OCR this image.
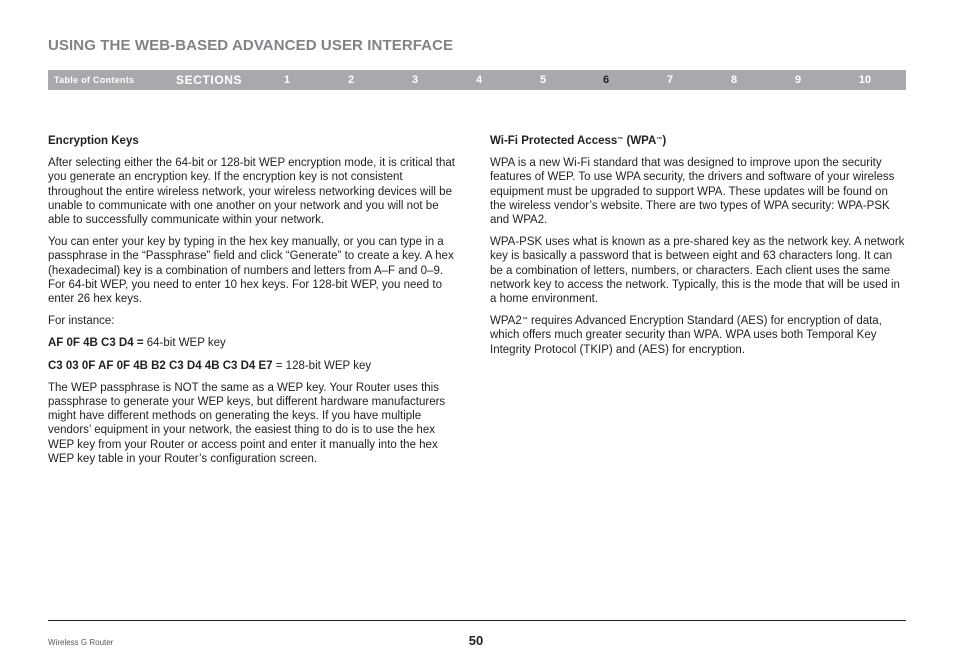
USING THE WEB-BASED ADVANCED USER INTERFACE
Table of Contents	SECTIONS	1	2	3	4	5	6	7	8	9	10
Encryption Keys

After selecting either the 64-bit or 128-bit WEP encryption mode, it is critical that you generate an encryption key. If the encryption key is not consistent throughout the entire wireless network, your wireless networking devices will be unable to communicate with one another on your network and you will not be able to successfully communicate within your network.

You can enter your key by typing in the hex key manually, or you can type in a passphrase in the “Passphrase” field and click “Generate” to create a key. A hex (hexadecimal) key is a combination of numbers and letters from A–F and 0–9. For 64-bit WEP, you need to enter 10 hex keys. For 128-bit WEP, you need to enter 26 hex keys.

For instance:

AF 0F 4B C3 D4 = 64-bit WEP key

C3 03 0F AF 0F 4B B2 C3 D4 4B C3 D4 E7 = 128-bit WEP key

The WEP passphrase is NOT the same as a WEP key. Your Router uses this passphrase to generate your WEP keys, but different hardware manufacturers might have different methods on generating the keys. If you have multiple vendors’ equipment in your network, the easiest thing to do is to use the hex WEP key from your Router or access point and enter it manually into the hex WEP key table in your Router’s configuration screen.

Wi-Fi Protected Access™ (WPA™)

WPA is a new Wi-Fi standard that was designed to improve upon the security features of WEP. To use WPA security, the drivers and software of your wireless equipment must be upgraded to support WPA. These updates will be found on the wireless vendor’s website. There are two types of WPA security: WPA-PSK and WPA2.

WPA-PSK uses what is known as a pre-shared key as the network key. A network key is basically a password that is between eight and 63 characters long. It can be a combination of letters, numbers, or characters. Each client uses the same network key to access the network. Typically, this is the mode that will be used in a home environment.

WPA2™ requires Advanced Encryption Standard (AES) for encryption of data, which offers much greater security than WPA. WPA uses both Temporal Key Integrity Protocol (TKIP) and (AES) for encryption.

Wireless G Router	50
